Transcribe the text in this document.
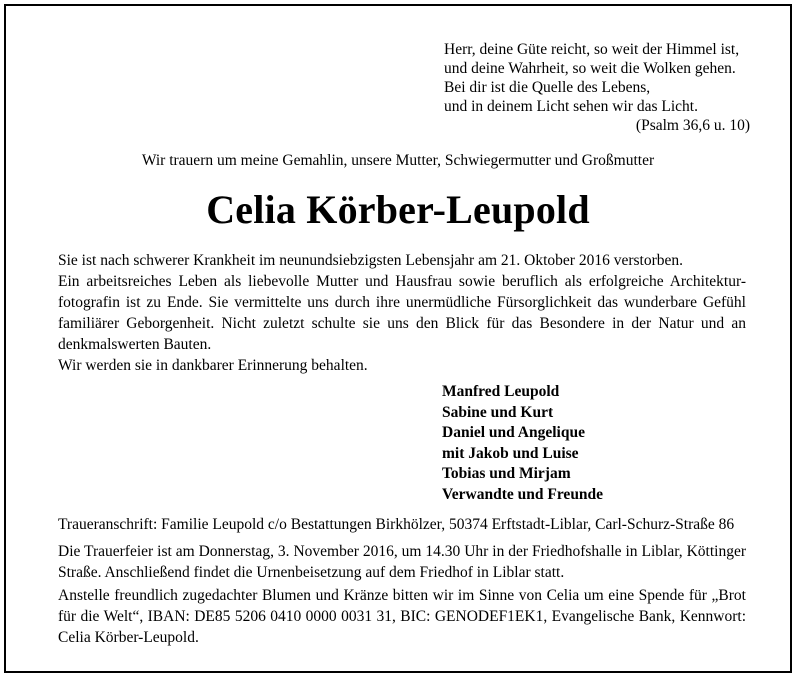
Herr, deine Güte reicht, so weit der Himmel ist,
und deine Wahrheit, so weit die Wolken gehen.
Bei dir ist die Quelle des Lebens,
und in deinem Licht sehen wir das Licht.
(Psalm 36,6 u. 10)
Wir trauern um meine Gemahlin, unsere Mutter, Schwiegermutter und Großmutter
Celia Körber-Leupold

Sie ist nach schwerer Krankheit im neunundsiebzigsten Lebensjahr am 21. Oktober 2016 verstorben.

Ein arbeitsreiches Leben als liebevolle Mutter und Hausfrau sowie beruflich als erfolgreiche Architektur-fotografin ist zu Ende. Sie vermittelte uns durch ihre unermüdliche Fürsorglichkeit das wunderbare Gefühl familiärer Geborgenheit. Nicht zuletzt schulte sie uns den Blick für das Besondere in der Natur und an denkmalswerten Bauten.

Wir werden sie in dankbarer Erinnerung behalten.

Manfred Leupold
Sabine und Kurt
Daniel und Angelique
mit Jakob und Luise
Tobias und Mirjam
Verwandte und Freunde

Traueranschrift: Familie Leupold c/o Bestattungen Birkhölzer, 50374 Erftstadt-Liblar, Carl-Schurz-Straße 86

Die Trauerfeier ist am Donnerstag, 3. November 2016, um 14.30 Uhr in der Friedhofshalle in Liblar, Köttinger Straße. Anschließend findet die Urnenbeisetzung auf dem Friedhof in Liblar statt.

Anstelle freundlich zugedachter Blumen und Kränze bitten wir im Sinne von Celia um eine Spende für „Brot für die Welt“, IBAN: DE85 5206 0410 0000 0031 31, BIC: GENODEF1EK1, Evangelische Bank, Kennwort: Celia Körber-Leupold.
